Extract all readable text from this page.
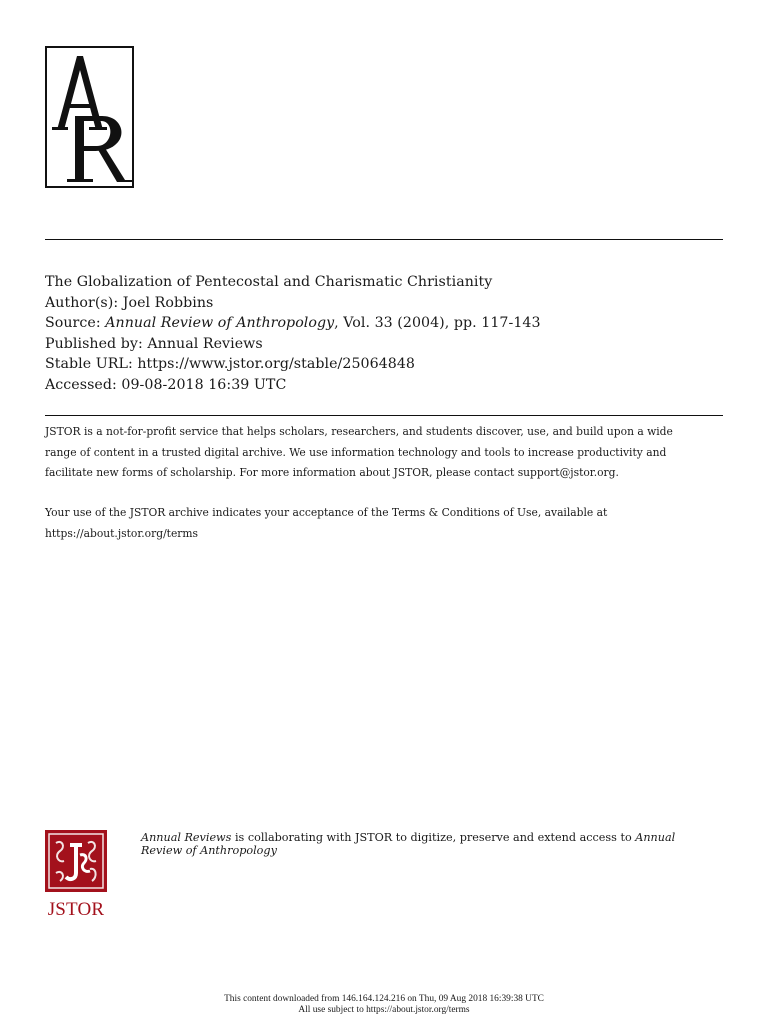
The Globalization of Pentecostal and Charismatic Christianity
Author(s): Joel Robbins
Source: Annual Review of Anthropology, Vol. 33 (2004), pp. 117-143
Published by: Annual Reviews
Stable URL: https://www.jstor.org/stable/25064848
Accessed: 09-08-2018 16:39 UTC
JSTOR is a not-for-profit service that helps scholars, researchers, and students discover, use, and build upon a wide
range of content in a trusted digital archive. We use information technology and tools to increase productivity and
facilitate new forms of scholarship. For more information about JSTOR, please contact support@jstor.org.
Your use of the JSTOR archive indicates your acceptance of the Terms & Conditions of Use, available at
https://about.jstor.org/terms
JSTOR
Annual Reviews is collaborating with JSTOR to digitize, preserve and extend access to Annual
Review of Anthropology
This content downloaded from 146.164.124.216 on Thu, 09 Aug 2018 16:39:38 UTC
All use subject to https://about.jstor.org/terms
